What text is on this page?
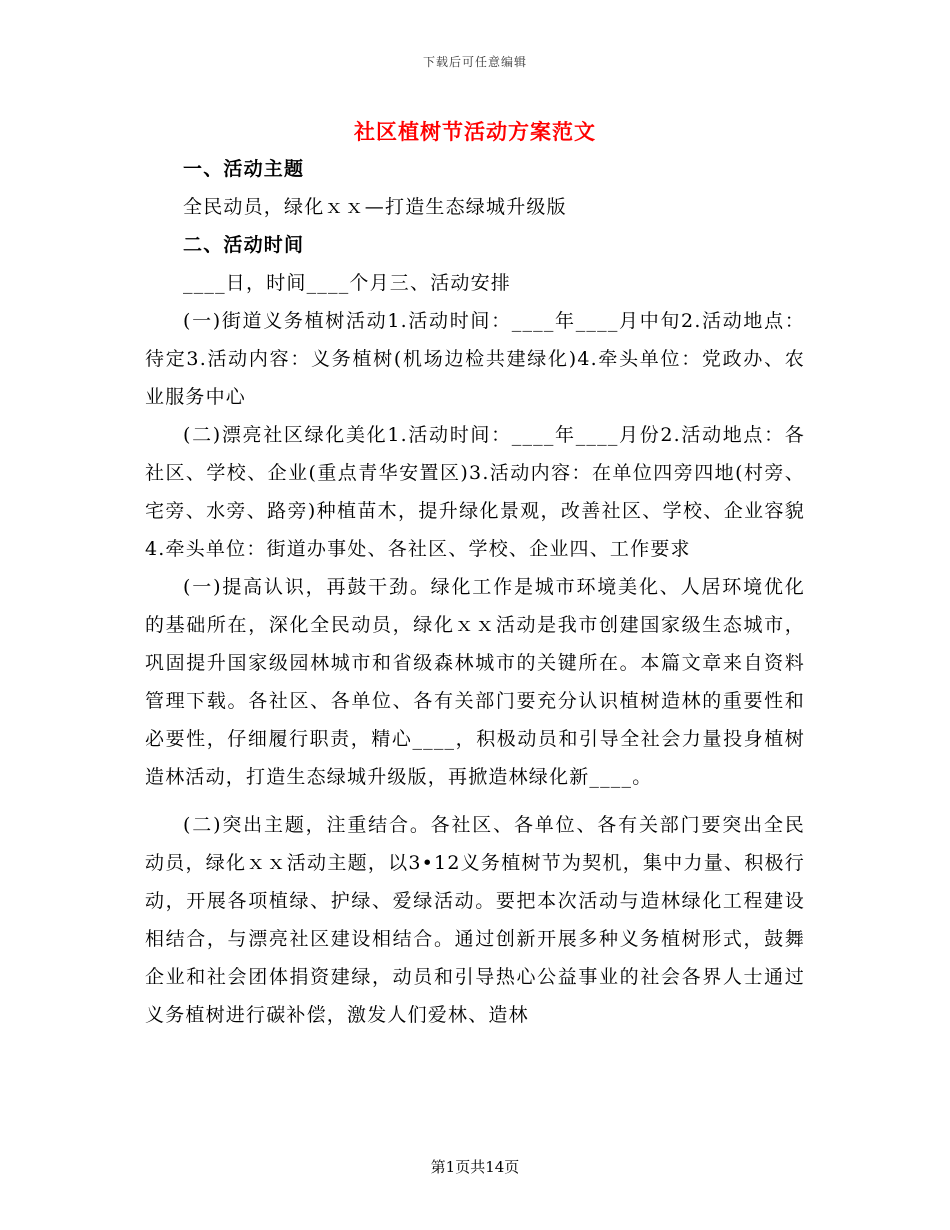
下载后可任意编辑
社区植树节活动方案范文

一、活动主题

全民动员，绿化ｘｘ—打造生态绿城升级版

二、活动时间

____日，时间____个月三、活动安排

(一)街道义务植树活动1.活动时间：____年____月中旬2.活动地点：待定3.活动内容：义务植树(机场边检共建绿化)4.牵头单位：党政办、农业服务中心

(二)漂亮社区绿化美化1.活动时间：____年____月份2.活动地点：各社区、学校、企业(重点青华安置区)3.活动内容：在单位四旁四地(村旁、宅旁、水旁、路旁)种植苗木，提升绿化景观，改善社区、学校、企业容貌4.牵头单位：街道办事处、各社区、学校、企业四、工作要求

(一)提高认识，再鼓干劲。绿化工作是城市环境美化、人居环境优化的基础所在，深化全民动员，绿化ｘｘ活动是我市创建国家级生态城市，巩固提升国家级园林城市和省级森林城市的关键所在。本篇文章来自资料管理下载。各社区、各单位、各有关部门要充分认识植树造林的重要性和必要性，仔细履行职责，精心____，积极动员和引导全社会力量投身植树造林活动，打造生态绿城升级版，再掀造林绿化新____。

(二)突出主题，注重结合。各社区、各单位、各有关部门要突出全民动员，绿化ｘｘ活动主题，以3•12义务植树节为契机，集中力量、积极行动，开展各项植绿、护绿、爱绿活动。要把本次活动与造林绿化工程建设相结合，与漂亮社区建设相结合。通过创新开展多种义务植树形式，鼓舞企业和社会团体捐资建绿，动员和引导热心公益事业的社会各界人士通过义务植树进行碳补偿，激发人们爱林、造林

第1页共14页
